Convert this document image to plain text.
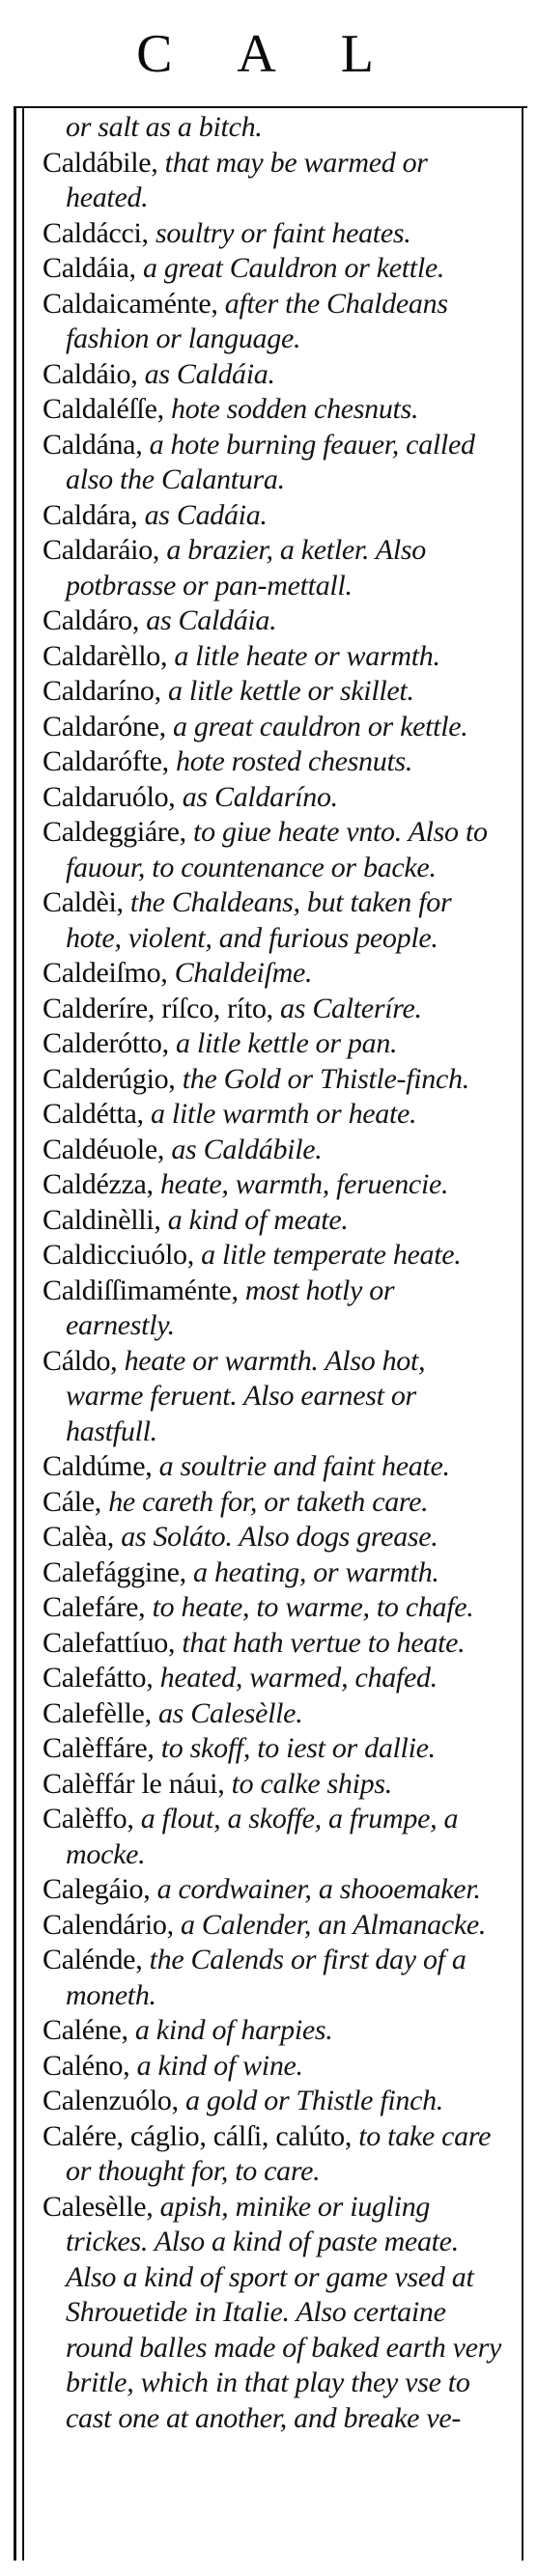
C A L
or salt as a bitch.
Caldábile, that may be warmed or heated.
Caldácci, soultry or faint heates.
Caldáia, a great Cauldron or kettle.
Caldaicaménte, after the Chaldeans fashion or language.
Caldáio, as Caldáia.
Caldaléſſe, hote sodden chesnuts.
Caldána, a hote burning feauer, called also the Calantura.
Caldára, as Cadáia.
Caldaráio, a brazier, a ketler. Also potbrasse or pan-mettall.
Caldáro, as Caldáia.
Caldarèllo, a litle heate or warmth.
Caldaríno, a litle kettle or skillet.
Caldaróne, a great cauldron or kettle.
Caldarófte, hote rosted chesnuts.
Caldaruólo, as Caldaríno.
Caldeggiáre, to giue heate vnto. Also to fauour, to countenance or backe.
Caldèi, the Chaldeans, but taken for hote, violent, and furious people.
Caldeiſmo, Chaldeiſme.
Calderíre, ríſco, ríto, as Calteríre.
Calderótto, a litle kettle or pan.
Calderúgio, the Gold or Thistle-finch.
Caldétta, a litle warmth or heate.
Caldéuole, as Caldábile.
Caldézza, heate, warmth, feruencie.
Caldinèlli, a kind of meate.
Caldicciuólo, a litle temperate heate.
Caldiſſimaménte, most hotly or earnestly.
Cáldo, heate or warmth. Also hot, warme feruent. Also earnest or hastfull.
Caldúme, a soultrie and faint heate.
Cále, he careth for, or taketh care.
Calèa, as Soláto. Also dogs grease.
Calefággine, a heating, or warmth.
Calefáre, to heate, to warme, to chafe.
Calefattíuo, that hath vertue to heate.
Calefátto, heated, warmed, chafed.
Calefèlle, as Calesèlle.
Calèffáre, to skoff, to iest or dallie.
Calèffár le náui, to calke ships.
Calèffo, a flout, a skoffe, a frumpe, a mocke.
Calegáio, a cordwainer, a shooemaker.
Calendário, a Calender, an Almanacke.
Calénde, the Calends or first day of a moneth.
Caléne, a kind of harpies.
Caléno, a kind of wine.
Calenzuólo, a gold or Thistle finch.
Calére, cáglio, cálſi, calúto, to take care or thought for, to care.
Calesèlle, apish, minike or iugling trickes. Also a kind of paste meate. Also a kind of sport or game vsed at Shrouetide in Italie. Also certaine round balles made of baked earth very britle, which in that play they vse to cast one at another, and breake ve-
